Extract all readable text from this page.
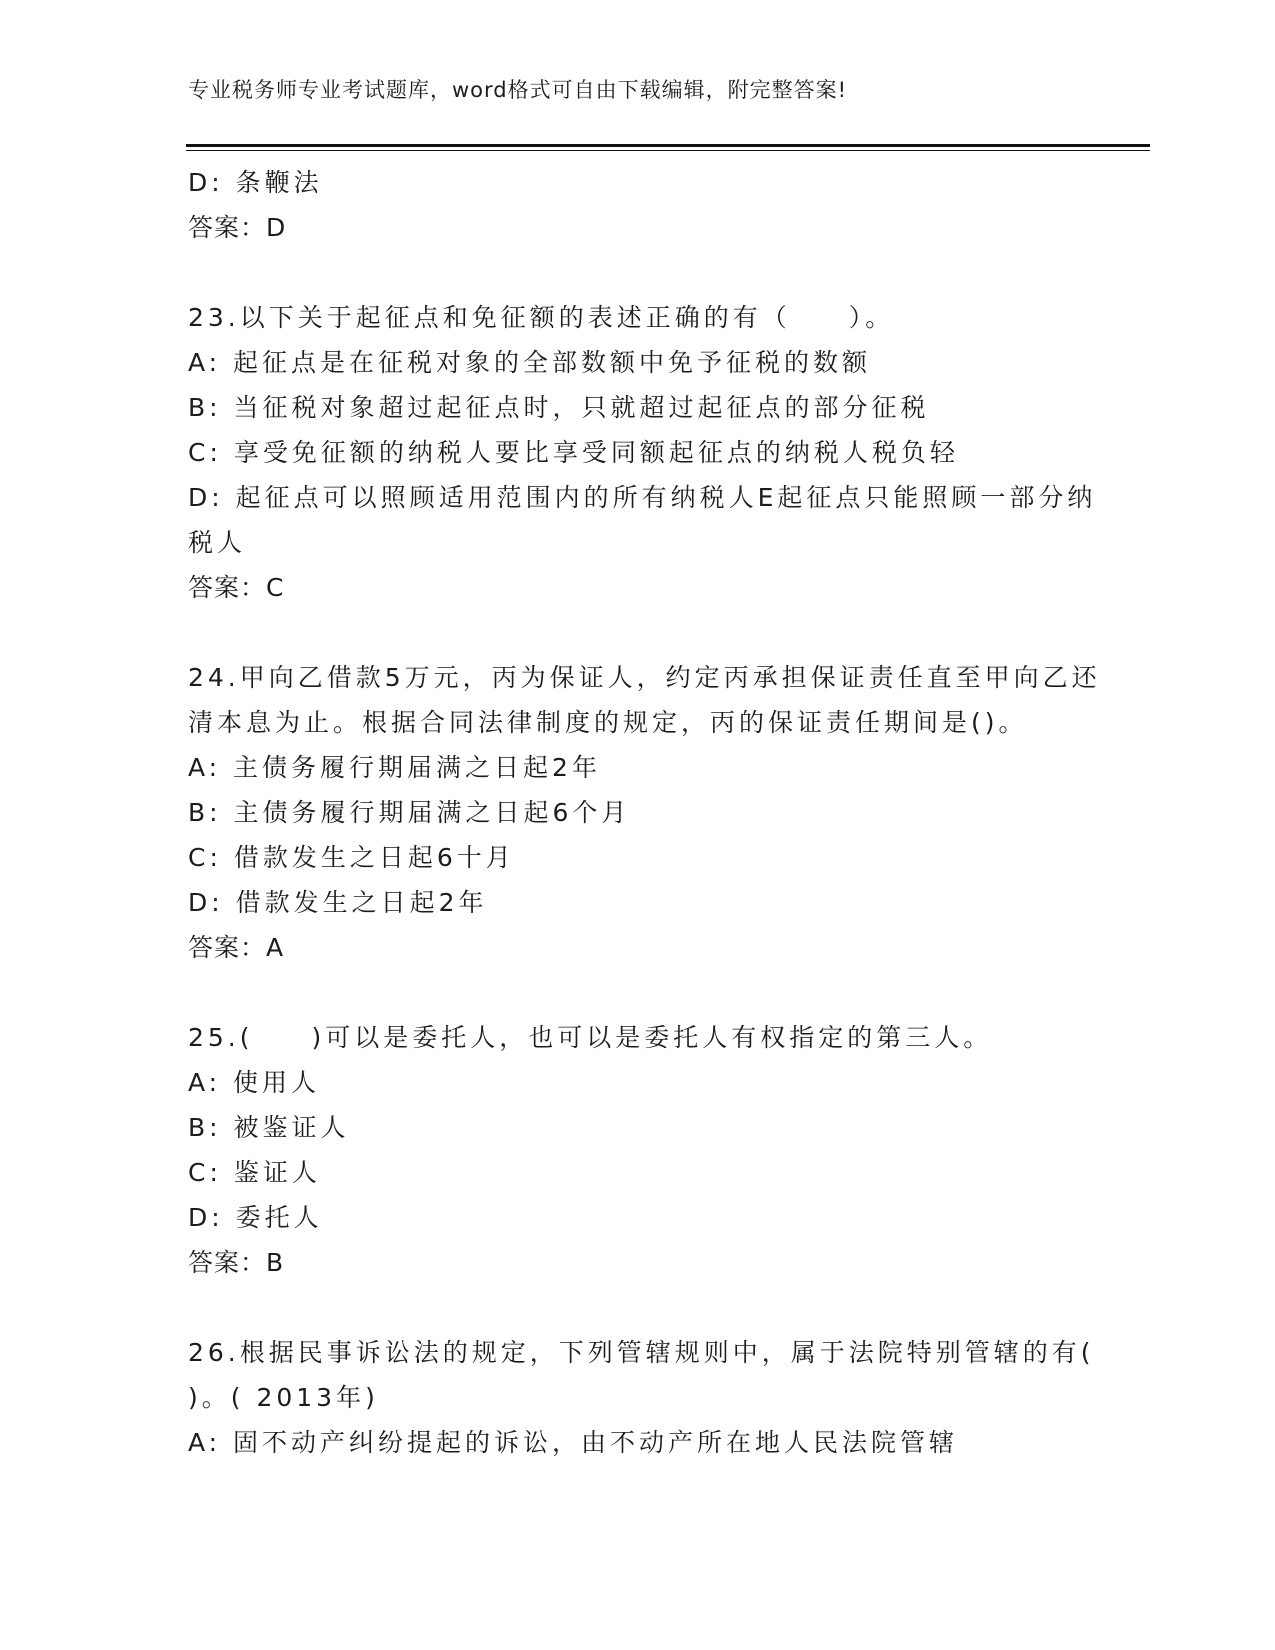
专业税务师专业考试题库，word格式可自由下载编辑，附完整答案!
D: 条鞭法
答案：D
23.以下关于起征点和免征额的表述正确的有（　　）。
A: 起征点是在征税对象的全部数额中免予征税的数额
B: 当征税对象超过起征点时，只就超过起征点的部分征税
C: 享受免征额的纳税人要比享受同额起征点的纳税人税负轻
D: 起征点可以照顾适用范围内的所有纳税人E起征点只能照顾一部分纳税人
答案：C
24.甲向乙借款5万元，丙为保证人，约定丙承担保证责任直至甲向乙还清本息为止。根据合同法律制度的规定，丙的保证责任期间是()。
A: 主债务履行期届满之日起2年
B: 主债务履行期届满之日起6个月
C: 借款发生之日起6十月
D: 借款发生之日起2年
答案：A
25.(　　)可以是委托人，也可以是委托人有权指定的第三人。
A: 使用人
B: 被鉴证人
C: 鉴证人
D: 委托人
答案：B
26.根据民事诉讼法的规定，下列管辖规则中，属于法院特别管辖的有(　　　)。( 2013年)
A: 固不动产纠纷提起的诉讼，由不动产所在地人民法院管辖
